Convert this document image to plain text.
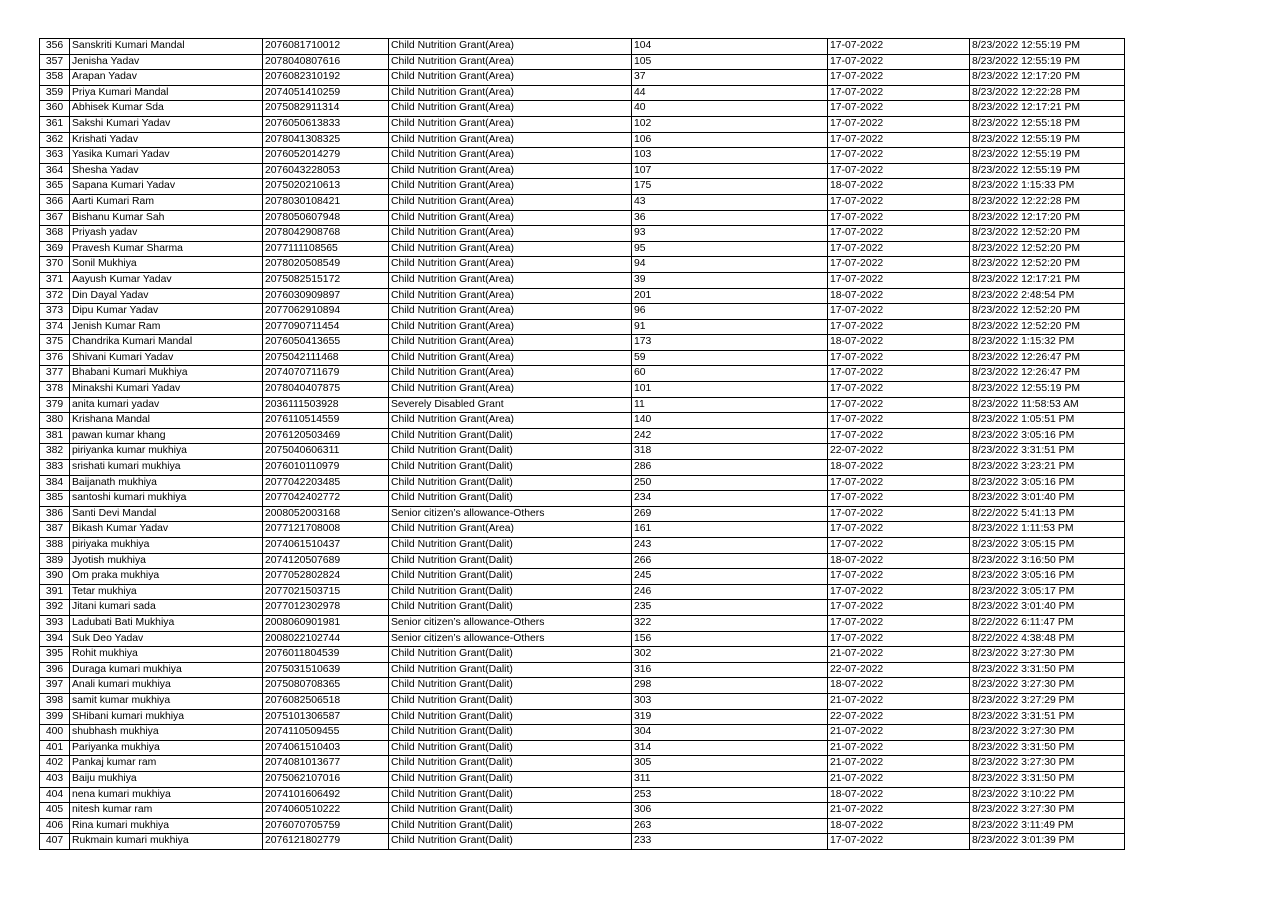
356	Sanskriti Kumari Mandal	2076081710012	Child Nutrition Grant(Area)	104	17-07-2022	8/23/2022 12:55:19 PM
357	Jenisha Yadav	2078040807616	Child Nutrition Grant(Area)	105	17-07-2022	8/23/2022 12:55:19 PM
358	Arapan Yadav	2076082310192	Child Nutrition Grant(Area)	37	17-07-2022	8/23/2022 12:17:20 PM
359	Priya Kumari Mandal	2074051410259	Child Nutrition Grant(Area)	44	17-07-2022	8/23/2022 12:22:28 PM
360	Abhisek Kumar Sda	2075082911314	Child Nutrition Grant(Area)	40	17-07-2022	8/23/2022 12:17:21 PM
361	Sakshi Kumari Yadav	2076050613833	Child Nutrition Grant(Area)	102	17-07-2022	8/23/2022 12:55:18 PM
362	Krishati Yadav	2078041308325	Child Nutrition Grant(Area)	106	17-07-2022	8/23/2022 12:55:19 PM
363	Yasika Kumari Yadav	2076052014279	Child Nutrition Grant(Area)	103	17-07-2022	8/23/2022 12:55:19 PM
364	Shesha Yadav	2076043228053	Child Nutrition Grant(Area)	107	17-07-2022	8/23/2022 12:55:19 PM
365	Sapana Kumari Yadav	2075020210613	Child Nutrition Grant(Area)	175	18-07-2022	8/23/2022 1:15:33 PM
366	Aarti Kumari Ram	2078030108421	Child Nutrition Grant(Area)	43	17-07-2022	8/23/2022 12:22:28 PM
367	Bishanu Kumar Sah	2078050607948	Child Nutrition Grant(Area)	36	17-07-2022	8/23/2022 12:17:20 PM
368	Priyash yadav	2078042908768	Child Nutrition Grant(Area)	93	17-07-2022	8/23/2022 12:52:20 PM
369	Pravesh Kumar Sharma	2077111108565	Child Nutrition Grant(Area)	95	17-07-2022	8/23/2022 12:52:20 PM
370	Sonil Mukhiya	2078020508549	Child Nutrition Grant(Area)	94	17-07-2022	8/23/2022 12:52:20 PM
371	Aayush Kumar Yadav	2075082515172	Child Nutrition Grant(Area)	39	17-07-2022	8/23/2022 12:17:21 PM
372	Din Dayal Yadav	2076030909897	Child Nutrition Grant(Area)	201	18-07-2022	8/23/2022 2:48:54 PM
373	Dipu Kumar Yadav	2077062910894	Child Nutrition Grant(Area)	96	17-07-2022	8/23/2022 12:52:20 PM
374	Jenish Kumar Ram	2077090711454	Child Nutrition Grant(Area)	91	17-07-2022	8/23/2022 12:52:20 PM
375	Chandrika Kumari Mandal	2076050413655	Child Nutrition Grant(Area)	173	18-07-2022	8/23/2022 1:15:32 PM
376	Shivani Kumari Yadav	2075042111468	Child Nutrition Grant(Area)	59	17-07-2022	8/23/2022 12:26:47 PM
377	Bhabani Kumari Mukhiya	2074070711679	Child Nutrition Grant(Area)	60	17-07-2022	8/23/2022 12:26:47 PM
378	Minakshi Kumari Yadav	2078040407875	Child Nutrition Grant(Area)	101	17-07-2022	8/23/2022 12:55:19 PM
379	anita kumari yadav	2036111503928	Severely Disabled Grant	11	17-07-2022	8/23/2022 11:58:53 AM
380	Krishana Mandal	2076110514559	Child Nutrition Grant(Area)	140	17-07-2022	8/23/2022 1:05:51 PM
381	pawan kumar khang	2076120503469	Child Nutrition Grant(Dalit)	242	17-07-2022	8/23/2022 3:05:16 PM
382	piriyanka kumar mukhiya	2075040606311	Child Nutrition Grant(Dalit)	318	22-07-2022	8/23/2022 3:31:51 PM
383	srishati kumari mukhiya	2076010110979	Child Nutrition Grant(Dalit)	286	18-07-2022	8/23/2022 3:23:21 PM
384	Baijanath mukhiya	2077042203485	Child Nutrition Grant(Dalit)	250	17-07-2022	8/23/2022 3:05:16 PM
385	santoshi kumari mukhiya	2077042402772	Child Nutrition Grant(Dalit)	234	17-07-2022	8/23/2022 3:01:40 PM
386	Santi Devi Mandal	2008052003168	Senior citizen’s allowance-Others	269	17-07-2022	8/22/2022 5:41:13 PM
387	Bikash Kumar Yadav	2077121708008	Child Nutrition Grant(Area)	161	17-07-2022	8/23/2022 1:11:53 PM
388	piriyaka mukhiya	2074061510437	Child Nutrition Grant(Dalit)	243	17-07-2022	8/23/2022 3:05:15 PM
389	Jyotish mukhiya	2074120507689	Child Nutrition Grant(Dalit)	266	18-07-2022	8/23/2022 3:16:50 PM
390	Om praka mukhiya	2077052802824	Child Nutrition Grant(Dalit)	245	17-07-2022	8/23/2022 3:05:16 PM
391	Tetar mukhiya	2077021503715	Child Nutrition Grant(Dalit)	246	17-07-2022	8/23/2022 3:05:17 PM
392	Jitani kumari sada	2077012302978	Child Nutrition Grant(Dalit)	235	17-07-2022	8/23/2022 3:01:40 PM
393	Ladubati Bati Mukhiya	2008060901981	Senior citizen’s allowance-Others	322	17-07-2022	8/22/2022 6:11:47 PM
394	Suk Deo Yadav	2008022102744	Senior citizen’s allowance-Others	156	17-07-2022	8/22/2022 4:38:48 PM
395	Rohit mukhiya	2076011804539	Child Nutrition Grant(Dalit)	302	21-07-2022	8/23/2022 3:27:30 PM
396	Duraga kumari mukhiya	2075031510639	Child Nutrition Grant(Dalit)	316	22-07-2022	8/23/2022 3:31:50 PM
397	Anali kumari mukhiya	2075080708365	Child Nutrition Grant(Dalit)	298	18-07-2022	8/23/2022 3:27:30 PM
398	samit kumar mukhiya	2076082506518	Child Nutrition Grant(Dalit)	303	21-07-2022	8/23/2022 3:27:29 PM
399	SHibani kumari mukhiya	2075101306587	Child Nutrition Grant(Dalit)	319	22-07-2022	8/23/2022 3:31:51 PM
400	shubhash mukhiya	2074110509455	Child Nutrition Grant(Dalit)	304	21-07-2022	8/23/2022 3:27:30 PM
401	Pariyanka mukhiya	2074061510403	Child Nutrition Grant(Dalit)	314	21-07-2022	8/23/2022 3:31:50 PM
402	Pankaj kumar ram	2074081013677	Child Nutrition Grant(Dalit)	305	21-07-2022	8/23/2022 3:27:30 PM
403	Baiju mukhiya	2075062107016	Child Nutrition Grant(Dalit)	311	21-07-2022	8/23/2022 3:31:50 PM
404	nena kumari mukhiya	2074101606492	Child Nutrition Grant(Dalit)	253	18-07-2022	8/23/2022 3:10:22 PM
405	nitesh kumar ram	2074060510222	Child Nutrition Grant(Dalit)	306	21-07-2022	8/23/2022 3:27:30 PM
406	Rina kumari mukhiya	2076070705759	Child Nutrition Grant(Dalit)	263	18-07-2022	8/23/2022 3:11:49 PM
407	Rukmain kumari mukhiya	2076121802779	Child Nutrition Grant(Dalit)	233	17-07-2022	8/23/2022 3:01:39 PM
